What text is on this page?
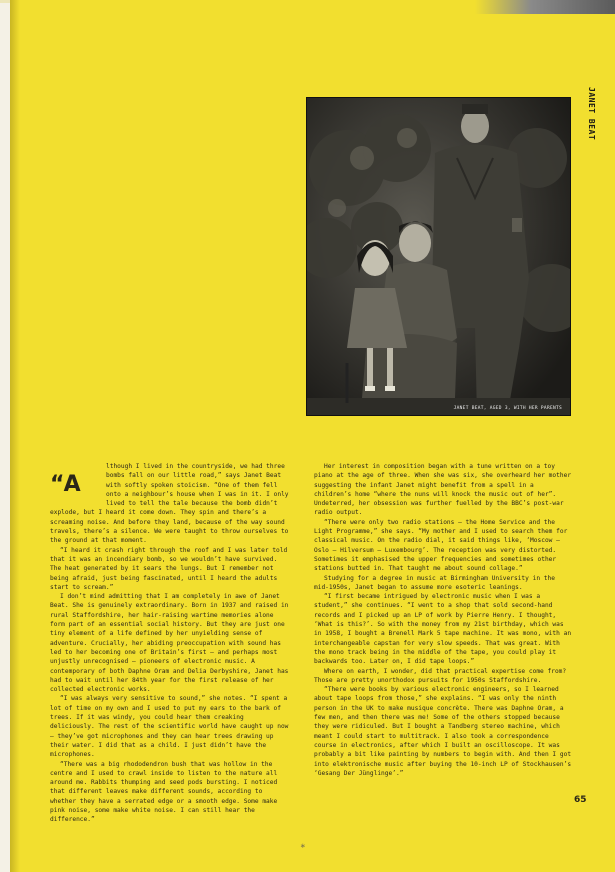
JANET BEAT
JANET BEAT, AGED 3, WITH HER PARENTS
“A

lthough I lived in the countryside, we had three bombs fall on our little road,” says Janet Beat with softly spoken stoicism. “One of them fell onto a neighbour’s house when I was in it. I only lived to tell the tale because the bomb didn’t explode, but I heard it come down. They spin and there’s a screaming noise. And before they land, because of the way sound travels, there’s a silence. We were taught to throw ourselves to the ground at that moment.

“I heard it crash right through the roof and I was later told that it was an incendiary bomb, so we wouldn’t have survived. The heat generated by it sears the lungs. But I remember not being afraid, just being fascinated, until I heard the adults start to scream.”

I don’t mind admitting that I am completely in awe of Janet Beat. She is genuinely extraordinary. Born in 1937 and raised in rural Staffordshire, her hair-raising wartime memories alone form part of an essential social history. But they are just one tiny element of a life defined by her unyielding sense of adventure. Crucially, her abiding preoccupation with sound has led to her becoming one of Britain’s first – and perhaps most unjustly unrecognised – pioneers of electronic music. A contemporary of both Daphne Oram and Delia Derbyshire, Janet has had to wait until her 84th year for the first release of her collected electronic works.

“I was always very sensitive to sound,” she notes. “I spent a lot of time on my own and I used to put my ears to the bark of trees. If it was windy, you could hear them creaking deliciously. The rest of the scientific world have caught up now – they’ve got microphones and they can hear trees drawing up their water. I did that as a child. I just didn’t have the microphones.

“There was a big rhododendron bush that was hollow in the centre and I used to crawl inside to listen to the nature all around me. Rabbits thumping and seed pods bursting. I noticed that different leaves make different sounds, according to whether they have a serrated edge or a smooth edge. Some make pink noise, some make white noise. I can still hear the difference.”

Her interest in composition began with a tune written on a toy piano at the age of three. When she was six, she overheard her mother suggesting the infant Janet might benefit from a spell in a children’s home “where the nuns will knock the music out of her”. Undeterred, her obsession was further fuelled by the BBC’s post-war radio output.

“There were only two radio stations – the Home Service and the Light Programme,” she says. “My mother and I used to search them for classical music. On the radio dial, it said things like, ‘Moscow – Oslo – Hilversum – Luxembourg’. The reception was very distorted. Sometimes it emphasised the upper frequencies and sometimes other stations butted in. That taught me about sound collage.”

Studying for a degree in music at Birmingham University in the mid-1950s, Janet began to assume more esoteric leanings.

“I first became intrigued by electronic music when I was a student,” she continues. “I went to a shop that sold second-hand records and I picked up an LP of work by Pierre Henry. I thought, ‘What is this?’. So with the money from my 21st birthday, which was in 1958, I bought a Brenell Mark 5 tape machine. It was mono, with an interchangeable capstan for very slow speeds. That was great. With the mono track being in the middle of the tape, you could play it backwards too. Later on, I did tape loops.”

Where on earth, I wonder, did that practical expertise come from? Those are pretty unorthodox pursuits for 1950s Staffordshire.

“There were books by various electronic engineers, so I learned about tape loops from those,” she explains. “I was only the ninth person in the UK to make musique concrète. There was Daphne Oram, a few men, and then there was me! Some of the others stopped because they were ridiculed. But I bought a Tandberg stereo machine, which meant I could start to multitrack. I also took a correspondence course in electronics, after which I built an oscilloscope. It was probably a bit like painting by numbers to begin with. And then I got into elektronische music after buying the 10-inch LP of Stockhausen’s ‘Gesang Der Jünglinge’.”

65
∗
